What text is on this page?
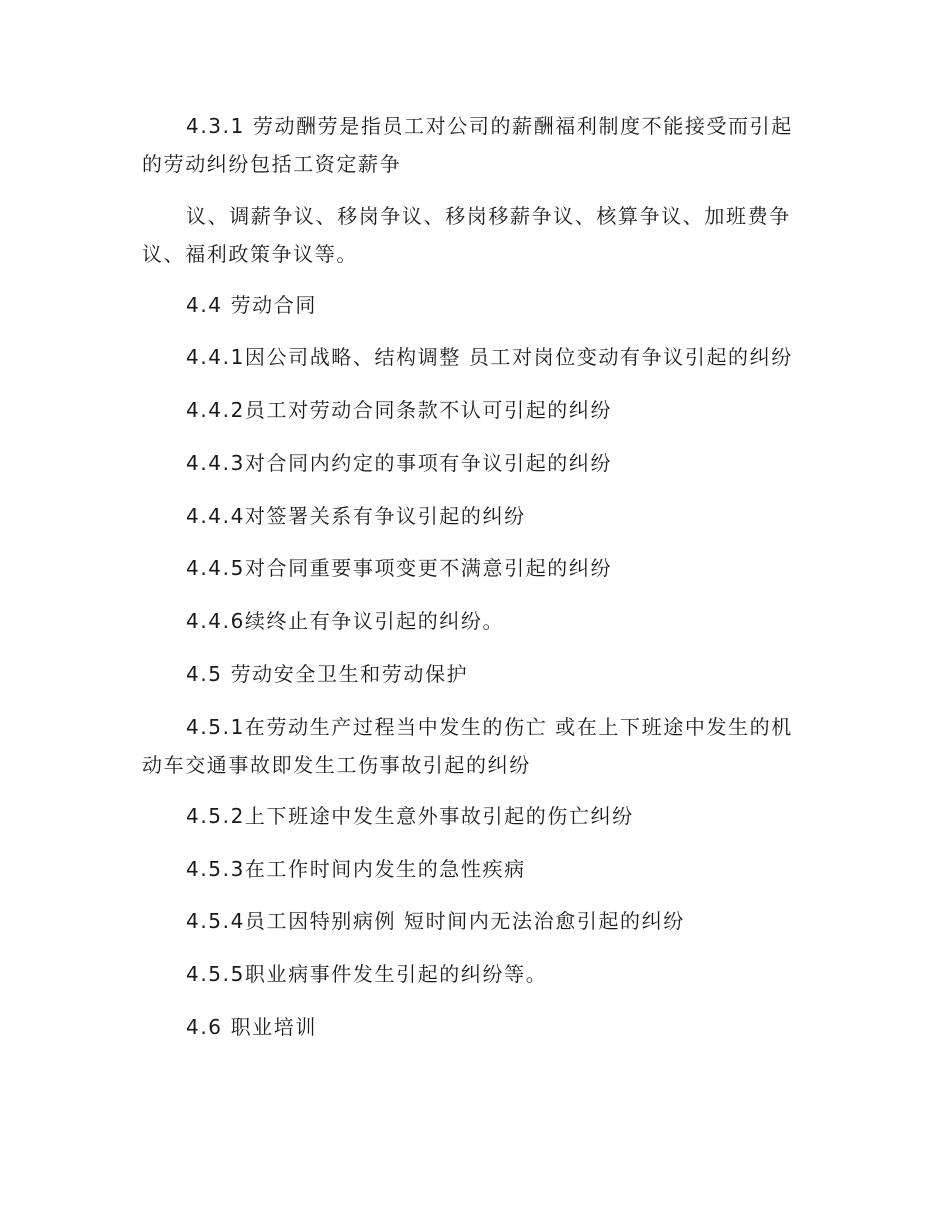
4.3.1 劳动酬劳是指员工对公司的薪酬福利制度不能接受而引起的劳动纠纷包括工资定薪争

议、调薪争议、移岗争议、移岗移薪争议、核算争议、加班费争议、福利政策争议等。

4.4 劳动合同

4.4.1因公司战略、结构调整 员工对岗位变动有争议引起的纠纷

4.4.2员工对劳动合同条款不认可引起的纠纷

4.4.3对合同内约定的事项有争议引起的纠纷

4.4.4对签署关系有争议引起的纠纷

4.4.5对合同重要事项变更不满意引起的纠纷

4.4.6续终止有争议引起的纠纷。

4.5 劳动安全卫生和劳动保护

4.5.1在劳动生产过程当中发生的伤亡 或在上下班途中发生的机动车交通事故即发生工伤事故引起的纠纷

4.5.2上下班途中发生意外事故引起的伤亡纠纷

4.5.3在工作时间内发生的急性疾病

4.5.4员工因特别病例 短时间内无法治愈引起的纠纷

4.5.5职业病事件发生引起的纠纷等。

4.6 职业培训
